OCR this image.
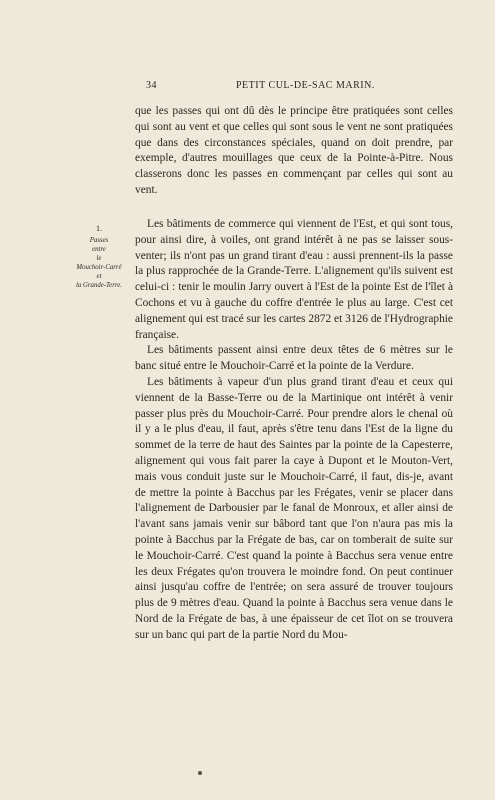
34	PETIT CUL-DE-SAC MARIN.

que les passes qui ont dû dès le principe être pratiquées sont celles qui sont au vent et que celles qui sont sous le vent ne sont pratiquées que dans des circonstances spéciales, quand on doit prendre, par exemple, d'autres mouillages que ceux de la Pointe-à-Pitre. Nous classerons donc les passes en commençant par celles qui sont au vent.

1.
Passes
entre
le
Mouchoir-Carré
et
la Grande-Terre.

Les bâtiments de commerce qui viennent de l'Est, et qui sont tous, pour ainsi dire, à voiles, ont grand intérêt à ne pas se laisser sous-venter; ils n'ont pas un grand tirant d'eau : aussi prennent-ils la passe la plus rapprochée de la Grande-Terre. L'alignement qu'ils suivent est celui-ci : tenir le moulin Jarry ouvert à l'Est de la pointe Est de l'îlet à Cochons et vu à gauche du coffre d'entrée le plus au large. C'est cet alignement qui est tracé sur les cartes 2872 et 3126 de l'Hydrographie française.

Les bâtiments passent ainsi entre deux têtes de 6 mètres sur le banc situé entre le Mouchoir-Carré et la pointe de la Verdure.

Les bâtiments à vapeur d'un plus grand tirant d'eau et ceux qui viennent de la Basse-Terre ou de la Martinique ont intérêt à venir passer plus près du Mouchoir-Carré. Pour prendre alors le chenal où il y a le plus d'eau, il faut, après s'être tenu dans l'Est de la ligne du sommet de la terre de haut des Saintes par la pointe de la Capesterre, alignement qui vous fait parer la caye à Dupont et le Mouton-Vert, mais vous conduit juste sur le Mouchoir-Carré, il faut, dis-je, avant de mettre la pointe à Bacchus par les Frégates, venir se placer dans l'alignement de Darbousier par le fanal de Monroux, et aller ainsi de l'avant sans jamais venir sur bâbord tant que l'on n'aura pas mis la pointe à Bacchus par la Frégate de bas, car on tomberait de suite sur le Mouchoir-Carré. C'est quand la pointe à Bacchus sera venue entre les deux Frégates qu'on trouvera le moindre fond. On peut continuer ainsi jusqu'au coffre de l'entrée; on sera assuré de trouver toujours plus de 9 mètres d'eau. Quand la pointe à Bacchus sera venue dans le Nord de la Frégate de bas, à une épaisseur de cet îlot on se trouvera sur un banc qui part de la partie Nord du Mou-
